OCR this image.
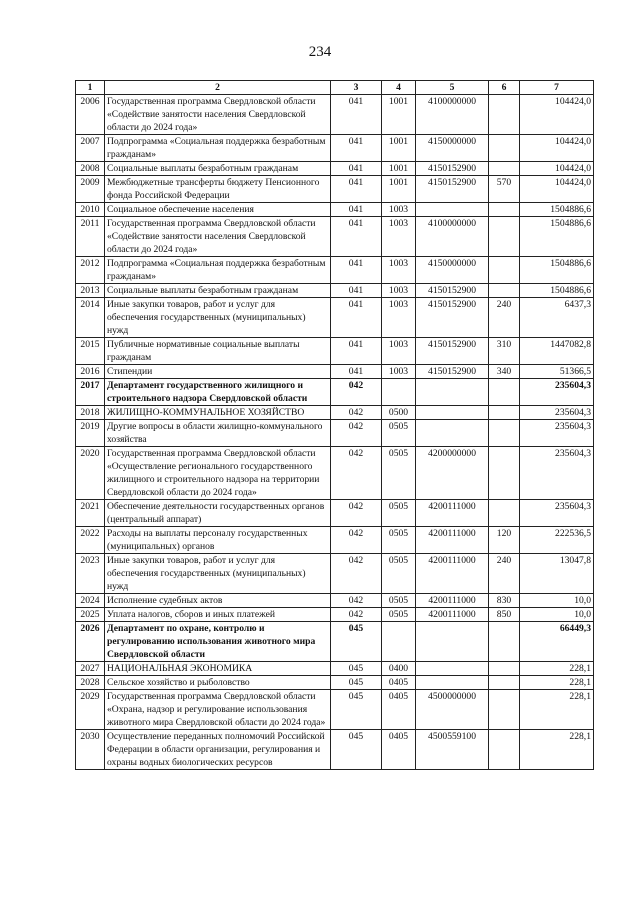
234
1	2	3	4	5	6	7
2006	Государственная программа Свердловской области «Содействие занятости населения Свердловской области до 2024 года»	041	1001	4100000000		104424,0
2007	Подпрограмма «Социальная поддержка безработным гражданам»	041	1001	4150000000		104424,0
2008	Социальные выплаты безработным гражданам	041	1001	4150152900		104424,0
2009	Межбюджетные трансферты бюджету Пенсионного фонда Российской Федерации	041	1001	4150152900	570	104424,0
2010	Социальное обеспечение населения	041	1003			1504886,6
2011	Государственная программа Свердловской области «Содействие занятости населения Свердловской области до 2024 года»	041	1003	4100000000		1504886,6
2012	Подпрограмма «Социальная поддержка безработным гражданам»	041	1003	4150000000		1504886,6
2013	Социальные выплаты безработным гражданам	041	1003	4150152900		1504886,6
2014	Иные закупки товаров, работ и услуг для обеспечения государственных (муниципальных) нужд	041	1003	4150152900	240	6437,3
2015	Публичные нормативные социальные выплаты гражданам	041	1003	4150152900	310	1447082,8
2016	Стипендии	041	1003	4150152900	340	51366,5
2017	Департамент государственного жилищного и строительного надзора Свердловской области	042				235604,3
2018	ЖИЛИЩНО-КОММУНАЛЬНОЕ ХОЗЯЙСТВО	042	0500			235604,3
2019	Другие вопросы в области жилищно-коммунального хозяйства	042	0505			235604,3
2020	Государственная программа Свердловской области «Осуществление регионального государственного жилищного и строительного надзора на территории Свердловской области до 2024 года»	042	0505	4200000000		235604,3
2021	Обеспечение деятельности государственных органов (центральный аппарат)	042	0505	4200111000		235604,3
2022	Расходы на выплаты персоналу государственных (муниципальных) органов	042	0505	4200111000	120	222536,5
2023	Иные закупки товаров, работ и услуг для обеспечения государственных (муниципальных) нужд	042	0505	4200111000	240	13047,8
2024	Исполнение судебных актов	042	0505	4200111000	830	10,0
2025	Уплата налогов, сборов и иных платежей	042	0505	4200111000	850	10,0
2026	Департамент по охране, контролю и регулированию использования животного мира Свердловской области	045				66449,3
2027	НАЦИОНАЛЬНАЯ ЭКОНОМИКА	045	0400			228,1
2028	Сельское хозяйство и рыболовство	045	0405			228,1
2029	Государственная программа Свердловской области «Охрана, надзор и регулирование использования животного мира Свердловской области до 2024 года»	045	0405	4500000000		228,1
2030	Осуществление переданных полномочий Российской Федерации в области организации, регулирования и охраны водных биологических ресурсов	045	0405	4500559100		228,1
